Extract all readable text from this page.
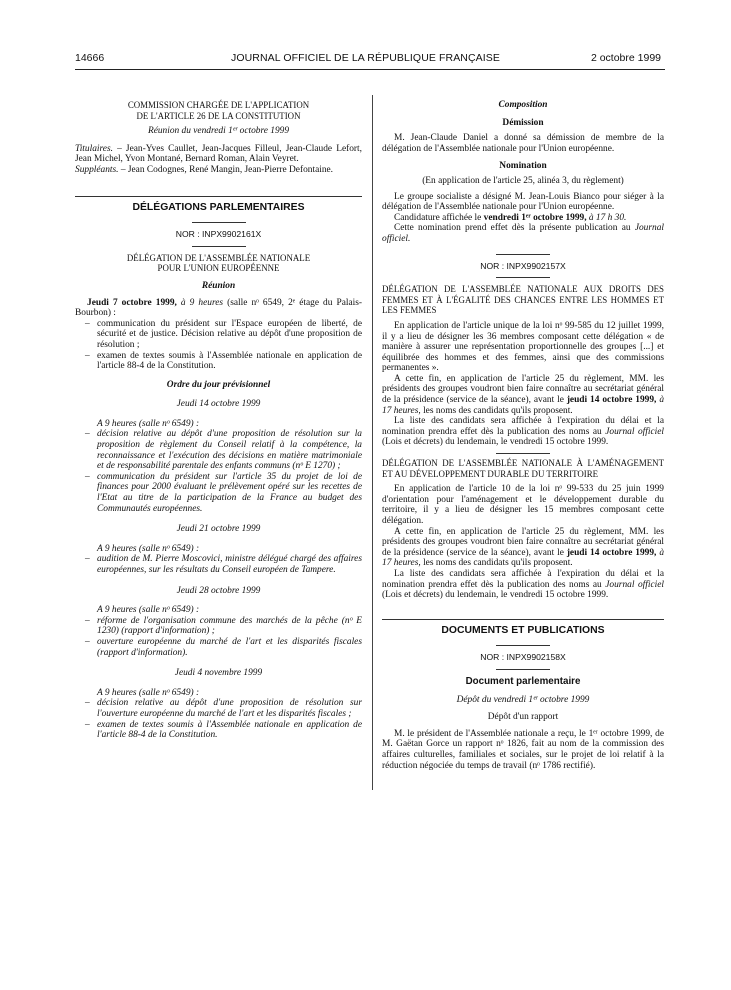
14666	JOURNAL OFFICIEL DE LA RÉPUBLIQUE FRANÇAISE	2 octobre 1999

COMMISSION CHARGÉE DE L'APPLICATION

DE L'ARTICLE 26 DE LA CONSTITUTION

Réunion du vendredi 1ᵉʳ octobre 1999

Titulaires. – Jean-Yves Caullet, Jean-Jacques Filleul, Jean-Claude Lefort, Jean Michel, Yvon Montané, Bernard Roman, Alain Veyret.

Suppléants. – Jean Codognes, René Mangin, Jean-Pierre Defontaine.

DÉLÉGATIONS PARLEMENTAIRES

NOR : INPX9902161X

DÉLÉGATION DE L'ASSEMBLÉE NATIONALE

POUR L'UNION EUROPÉENNE

Réunion

Jeudi 7 octobre 1999, à 9 heures (salle nᵒ 6549, 2ᵉ étage du Palais-Bourbon) :

– communication du président sur l'Espace européen de liberté, de sécurité et de justice. Décision relative au dépôt d'une proposition de résolution ;
– examen de textes soumis à l'Assemblée nationale en application de l'article 88-4 de la Constitution.

Ordre du jour prévisionnel

Jeudi 14 octobre 1999

A 9 heures (salle nᵒ 6549) :

– décision relative au dépôt d'une proposition de résolution sur la proposition de règlement du Conseil relatif à la compétence, la reconnaissance et l'exécution des décisions en matière matrimoniale et de responsabilité parentale des enfants communs (nᵒ E 1270) ;
– communication du président sur l'article 35 du projet de loi de finances pour 2000 évaluant le prélèvement opéré sur les recettes de l'Etat au titre de la participation de la France au budget des Communautés européennes.

Jeudi 21 octobre 1999

A 9 heures (salle nᵒ 6549) :

– audition de M. Pierre Moscovici, ministre délégué chargé des affaires européennes, sur les résultats du Conseil européen de Tampere.

Jeudi 28 octobre 1999

A 9 heures (salle nᵒ 6549) :

– réforme de l'organisation commune des marchés de la pêche (nᵒ E 1230) (rapport d'information) ;
– ouverture européenne du marché de l'art et les disparités fiscales (rapport d'information).

Jeudi 4 novembre 1999

A 9 heures (salle nᵒ 6549) :

– décision relative au dépôt d'une proposition de résolution sur l'ouverture européenne du marché de l'art et les disparités fiscales ;
– examen de textes soumis à l'Assemblée nationale en application de l'article 88-4 de la Constitution.

Composition

Démission

M. Jean-Claude Daniel a donné sa démission de membre de la délégation de l'Assemblée nationale pour l'Union européenne.

Nomination

(En application de l'article 25, alinéa 3, du règlement)

Le groupe socialiste a désigné M. Jean-Louis Bianco pour siéger à la délégation de l'Assemblée nationale pour l'Union européenne.

Candidature affichée le vendredi 1ᵉʳ octobre 1999, à 17 h 30.

Cette nomination prend effet dès la présente publication au Journal officiel.

NOR : INPX9902157X

DÉLÉGATION DE L'ASSEMBLÉE NATIONALE AUX DROITS DES FEMMES ET À L'ÉGALITÉ DES CHANCES ENTRE LES HOMMES ET LES FEMMES

En application de l'article unique de la loi nᵒ 99-585 du 12 juillet 1999, il y a lieu de désigner les 36 membres composant cette délégation « de manière à assurer une représentation proportionnelle des groupes [...] et équilibrée des hommes et des femmes, ainsi que des commissions permanentes ».

A cette fin, en application de l'article 25 du règlement, MM. les présidents des groupes voudront bien faire connaître au secrétariat général de la présidence (service de la séance), avant le jeudi 14 octobre 1999, à 17 heures, les noms des candidats qu'ils proposent.

La liste des candidats sera affichée à l'expiration du délai et la nomination prendra effet dès la publication des noms au Journal officiel (Lois et décrets) du lendemain, le vendredi 15 octobre 1999.

DÉLÉGATION DE L'ASSEMBLÉE NATIONALE À L'AMÉNAGEMENT ET AU DÉVELOPPEMENT DURABLE DU TERRITOIRE

En application de l'article 10 de la loi nᵒ 99-533 du 25 juin 1999 d'orientation pour l'aménagement et le développement durable du territoire, il y a lieu de désigner les 15 membres composant cette délégation.

A cette fin, en application de l'article 25 du règlement, MM. les présidents des groupes voudront bien faire connaître au secrétariat général de la présidence (service de la séance), avant le jeudi 14 octobre 1999, à 17 heures, les noms des candidats qu'ils proposent.

La liste des candidats sera affichée à l'expiration du délai et la nomination prendra effet dès la publication des noms au Journal officiel (Lois et décrets) du lendemain, le vendredi 15 octobre 1999.

DOCUMENTS ET PUBLICATIONS

NOR : INPX9902158X

Document parlementaire

Dépôt du vendredi 1ᵉʳ octobre 1999

Dépôt d'un rapport

M. le président de l'Assemblée nationale a reçu, le 1ᵉʳ octobre 1999, de M. Gaëtan Gorce un rapport nᵒ 1826, fait au nom de la commission des affaires culturelles, familiales et sociales, sur le projet de loi relatif à la réduction négociée du temps de travail (nᵒ 1786 rectifié).
